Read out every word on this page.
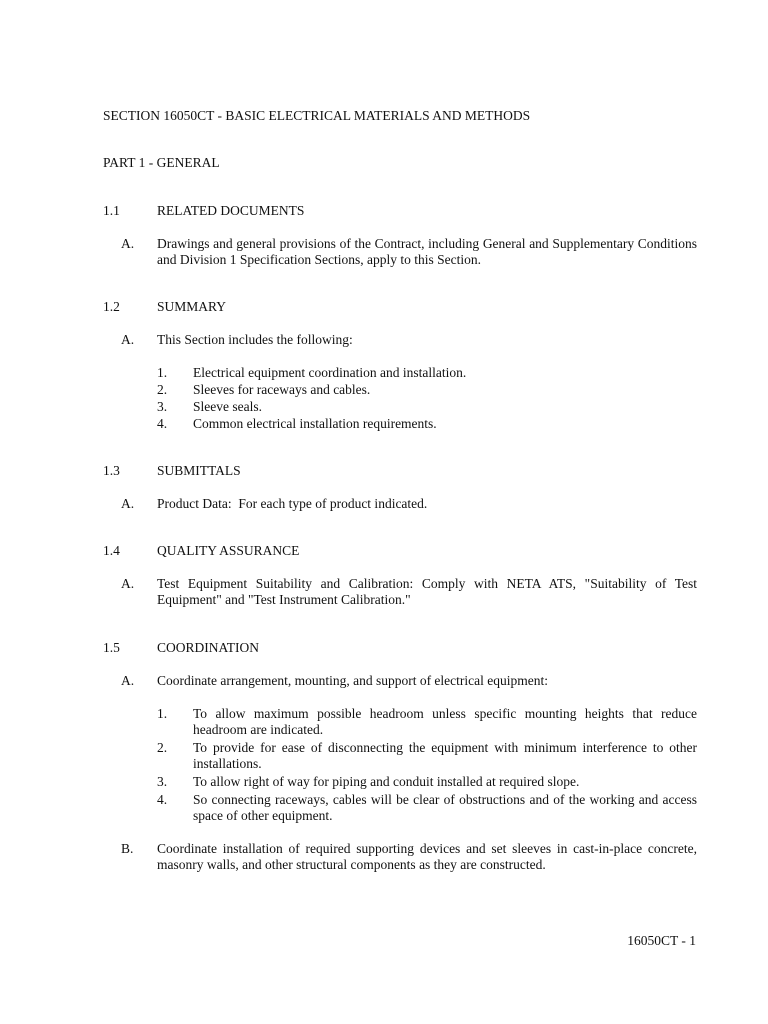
SECTION 16050CT - BASIC ELECTRICAL MATERIALS AND METHODS
PART 1 - GENERAL
1.1	RELATED DOCUMENTS
A. Drawings and general provisions of the Contract, including General and Supplementary Conditions and Division 1 Specification Sections, apply to this Section.
1.2	SUMMARY
A. This Section includes the following:
1. Electrical equipment coordination and installation.
2. Sleeves for raceways and cables.
3. Sleeve seals.
4. Common electrical installation requirements.
1.3	SUBMITTALS
A. Product Data:  For each type of product indicated.
1.4	QUALITY ASSURANCE
A. Test Equipment Suitability and Calibration: Comply with NETA ATS, "Suitability of Test Equipment" and "Test Instrument Calibration."
1.5	COORDINATION
A. Coordinate arrangement, mounting, and support of electrical equipment:
1. To allow maximum possible headroom unless specific mounting heights that reduce headroom are indicated.
2. To provide for ease of disconnecting the equipment with minimum interference to other installations.
3. To allow right of way for piping and conduit installed at required slope.
4. So connecting raceways, cables will be clear of obstructions and of the working and access space of other equipment.
B. Coordinate installation of required supporting devices and set sleeves in cast-in-place concrete, masonry walls, and other structural components as they are constructed.
16050CT - 1
